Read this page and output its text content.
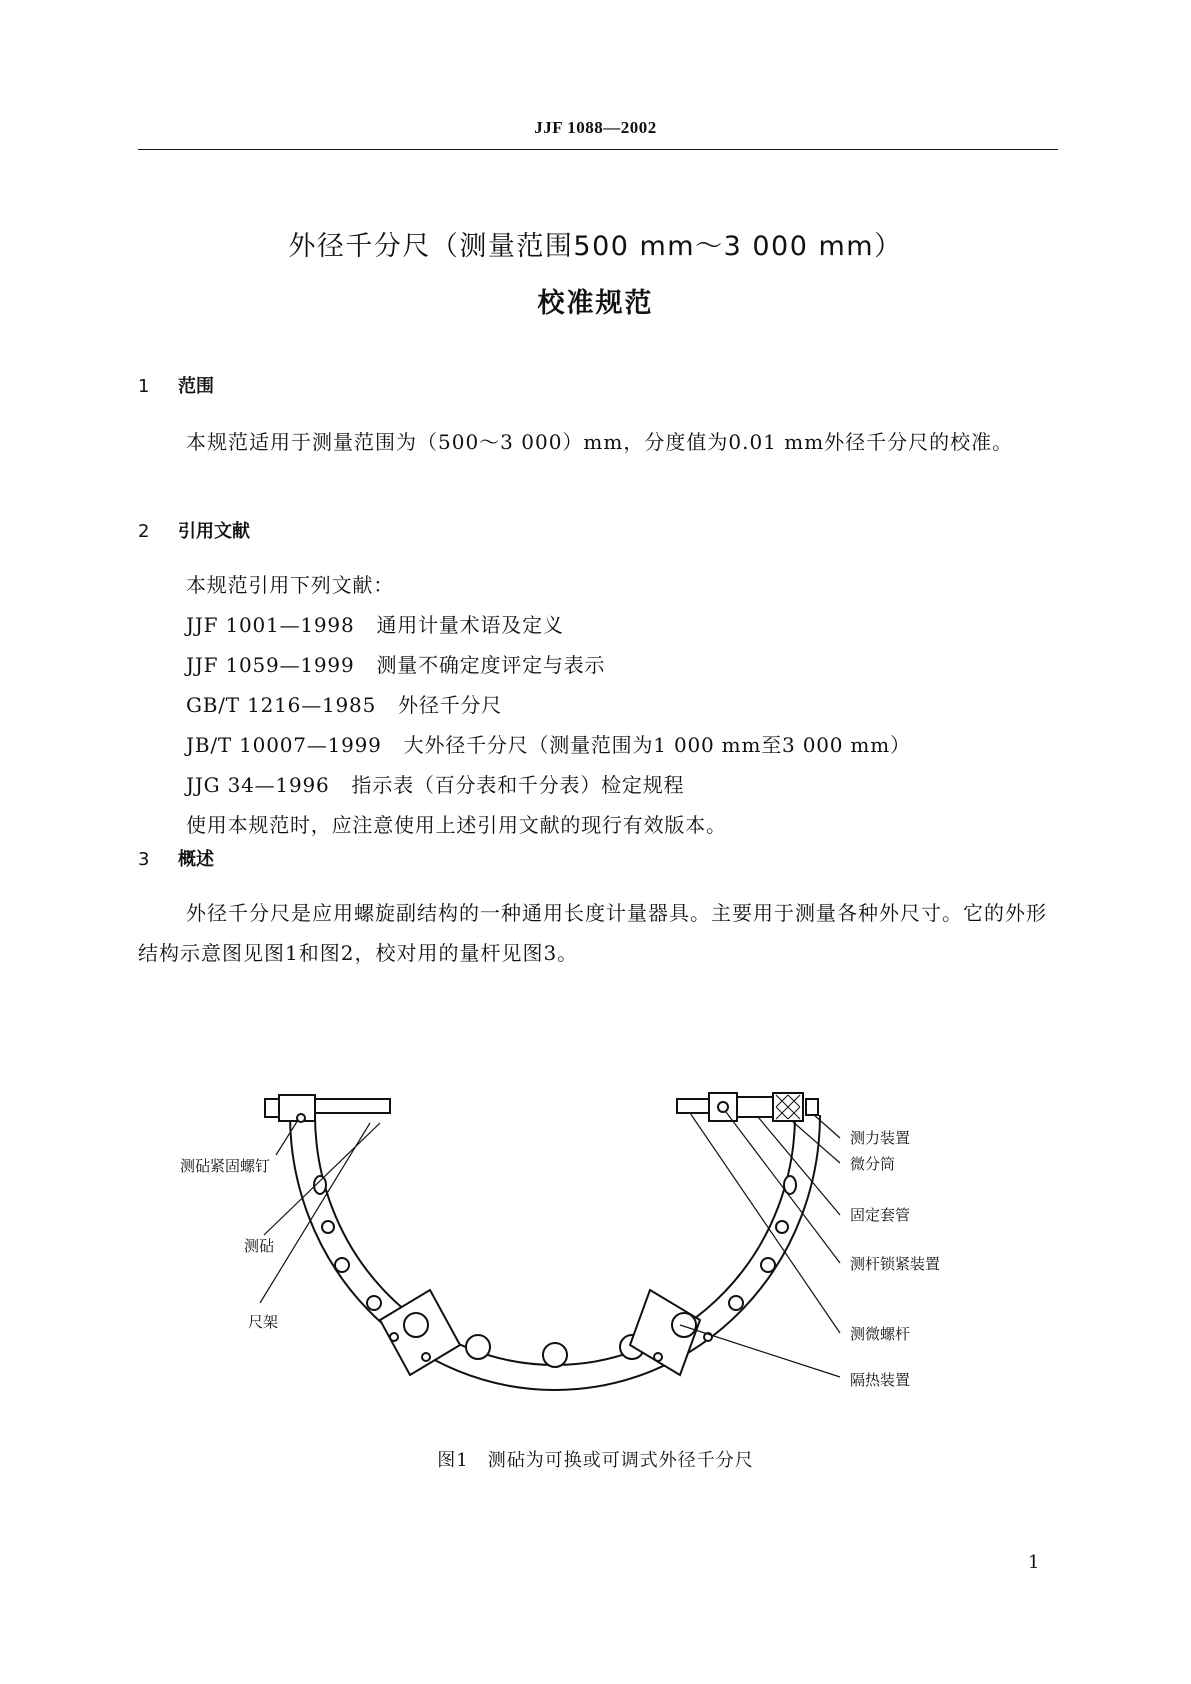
JJF 1088—2002
外径千分尺（测量范围500 mm～3 000 mm）
校准规范
1 范围
本规范适用于测量范围为（500～3 000）mm，分度值为0.01 mm外径千分尺的校准。
2 引用文献
本规范引用下列文献：
JJF 1001—1998 通用计量术语及定义
JJF 1059—1999 测量不确定度评定与表示
GB/T 1216—1985 外径千分尺
JB/T 10007—1999 大外径千分尺（测量范围为1 000 mm至3 000 mm）
JJG 34—1996 指示表（百分表和千分表）检定规程
使用本规范时，应注意使用上述引用文献的现行有效版本。
3 概述
外径千分尺是应用螺旋副结构的一种通用长度计量器具。主要用于测量各种外尺寸。它的外形结构示意图见图1和图2，校对用的量杆见图3。
测砧紧固螺钉
测砧
尺架
测力装置
微分筒
固定套管
测杆锁紧装置
测微螺杆
隔热装置
图1　测砧为可换或可调式外径千分尺
1
